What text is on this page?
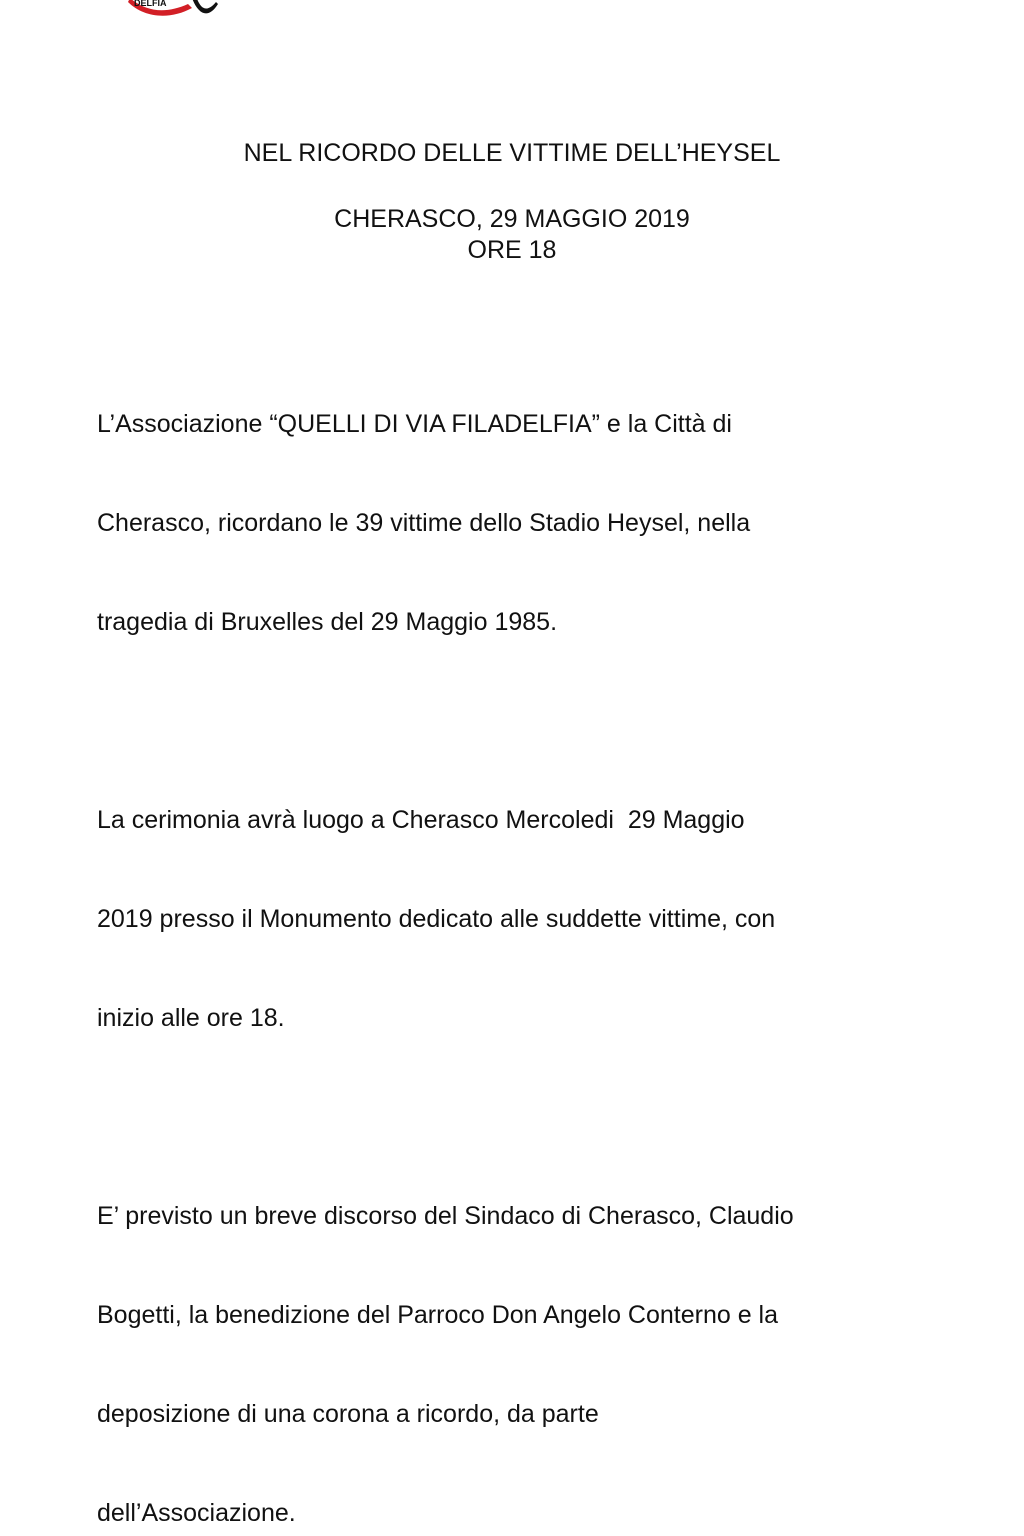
DELFIA
NEL RICORDO DELLE VITTIME DELL’HEYSEL
CHERASCO, 29 MAGGIO 2019
ORE 18

L’Associazione “QUELLI DI VIA FILADELFIA” e la Città di

Cherasco, ricordano le 39 vittime dello Stadio Heysel, nella

tragedia di Bruxelles del 29 Maggio 1985.

La cerimonia avrà luogo a Cherasco Mercoledi  29 Maggio

2019 presso il Monumento dedicato alle suddette vittime, con

inizio alle ore 18.

E’ previsto un breve discorso del Sindaco di Cherasco, Claudio

Bogetti, la benedizione del Parroco Don Angelo Conterno e la

deposizione di una corona a ricordo, da parte

dell’Associazione.
